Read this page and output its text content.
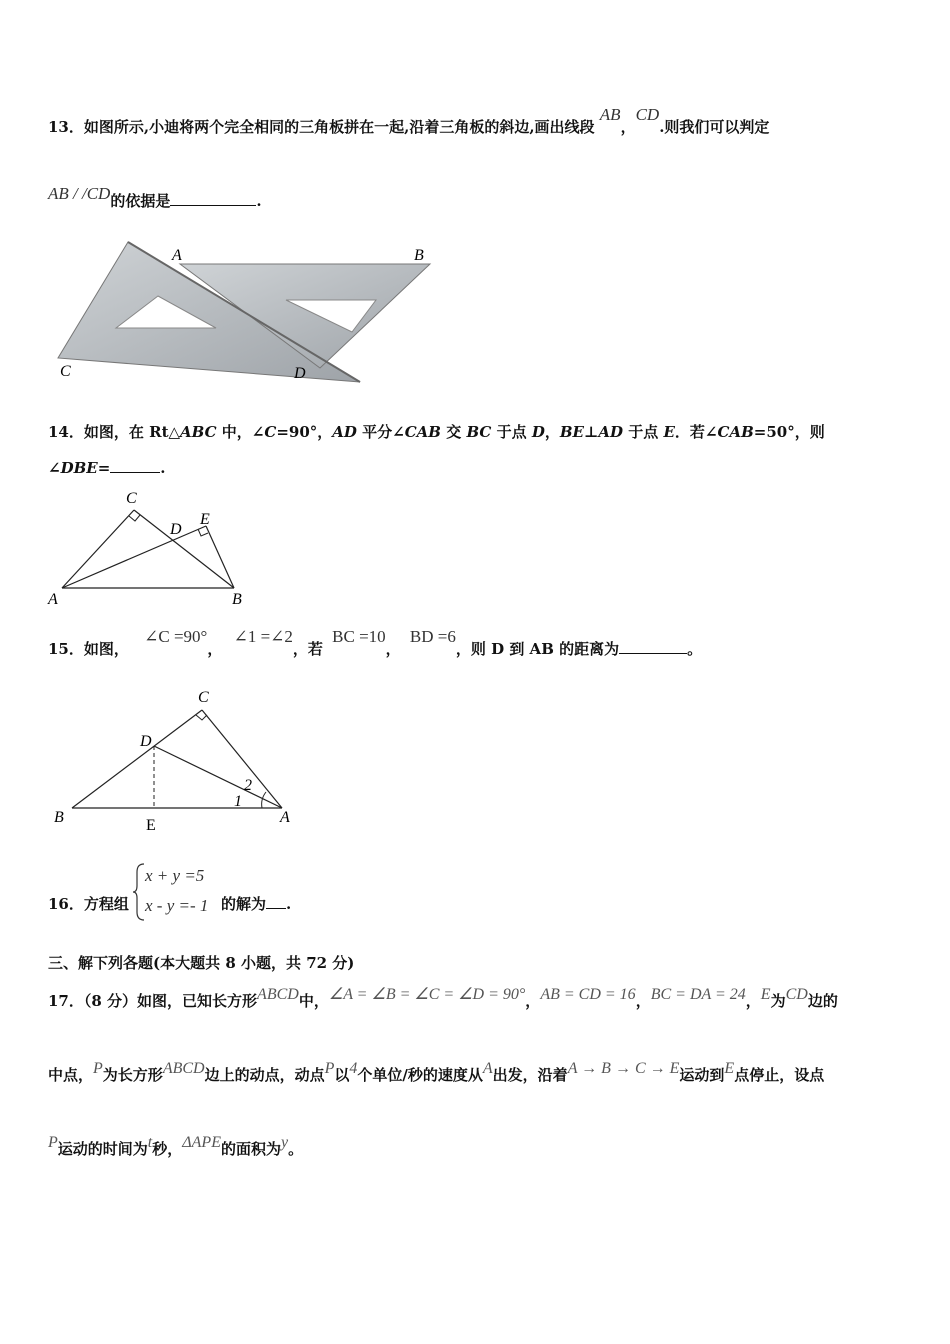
13．如图所示,小迪将两个完全相同的三角板拼在一起,沿着三角板的斜边,画出线段 AB，CD.则我们可以判定
AB / /CD的依据是	.
A	B
C	D
14．如图，在 Rt△ABC 中，∠C=90°，AD 平分∠CAB 交 BC 于点 D，BE⊥AD 于点 E．若∠CAB=50°，则
∠DBE=	.
C
D
E
A	B
15．如图， ∠C =90°， ∠1 =∠2，若 BC =10， BD =6，则 D 到 AB 的距离为	。
C
D
B	E	A
1
2
16．方程组
x + y =5
x - y =- 1 的解为 .
三、解下列各题(本大题共 8 小题，共 72 分)
17．（8 分）如图，已知长方形ABCD中，∠A = ∠B = ∠C = ∠D = 90°，AB = CD = 16，BC = DA = 24，E为CD边的
中点，P为长方形ABCD边上的动点，动点P以4个单位/秒的速度从A出发，沿着A → B → C → E运动到E点停止，设点
P运动的时间为t秒，ΔAPE的面积为y。
